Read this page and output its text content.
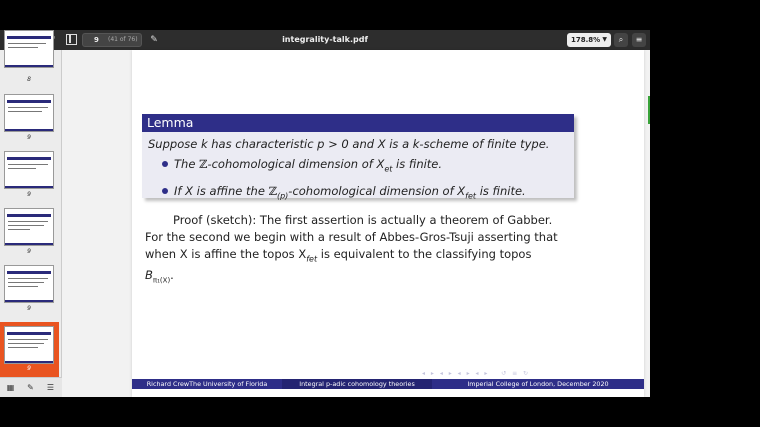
9 (41 of 76)	✎	integrality-talk.pdf	178.8% ▼	⌕	≡
8
9
9
9
9
9
▦	✎	☰
Lemma
Suppose k has characteristic p > 0 and X is a k-scheme of finite type.
The ℤ-cohomological dimension of $X_{et}$ is finite.
If X is affine the ℤ$_{(p)}$-cohomological dimension of $X_{fet}$ is finite.
Proof (sketch): The first assertion is actually a theorem of Gabber.
For the second we begin with a result of Abbes-Gros-Tsuji asserting that
when X is affine the topos $X_{fet}$ is equivalent to the classifying topos
$B_{\pi_1(X)}$.
◂ ▸ ◂ ▸ ◂ ▸ ◂ ▸   ↺ ≡ ↻
Richard CrewThe University of Florida	Integral p-adic cohomology theories	Imperial College of London, December 2020
